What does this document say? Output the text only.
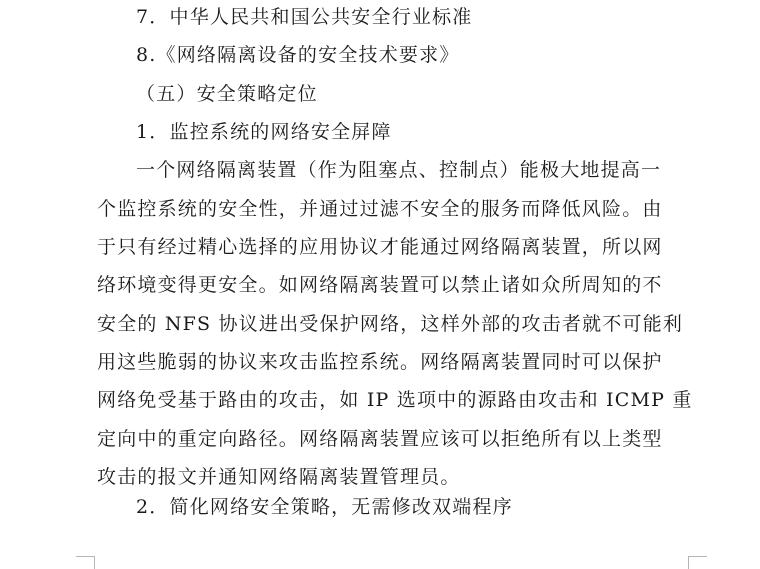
7．中华人民共和国公共安全行业标准
8.《网络隔离设备的安全技术要求》
（五）安全策略定位
1．监控系统的网络安全屏障
一个网络隔离装置（作为阻塞点、控制点）能极大地提高一
个监控系统的安全性，并通过过滤不安全的服务而降低风险。由
于只有经过精心选择的应用协议才能通过网络隔离装置，所以网
络环境变得更安全。如网络隔离装置可以禁止诸如众所周知的不
安全的 NFS 协议进出受保护网络，这样外部的攻击者就不可能利
用这些脆弱的协议来攻击监控系统。网络隔离装置同时可以保护
网络免受基于路由的攻击，如 IP 选项中的源路由攻击和 ICMP 重
定向中的重定向路径。网络隔离装置应该可以拒绝所有以上类型
攻击的报文并通知网络隔离装置管理员。
2．简化网络安全策略，无需修改双端程序
